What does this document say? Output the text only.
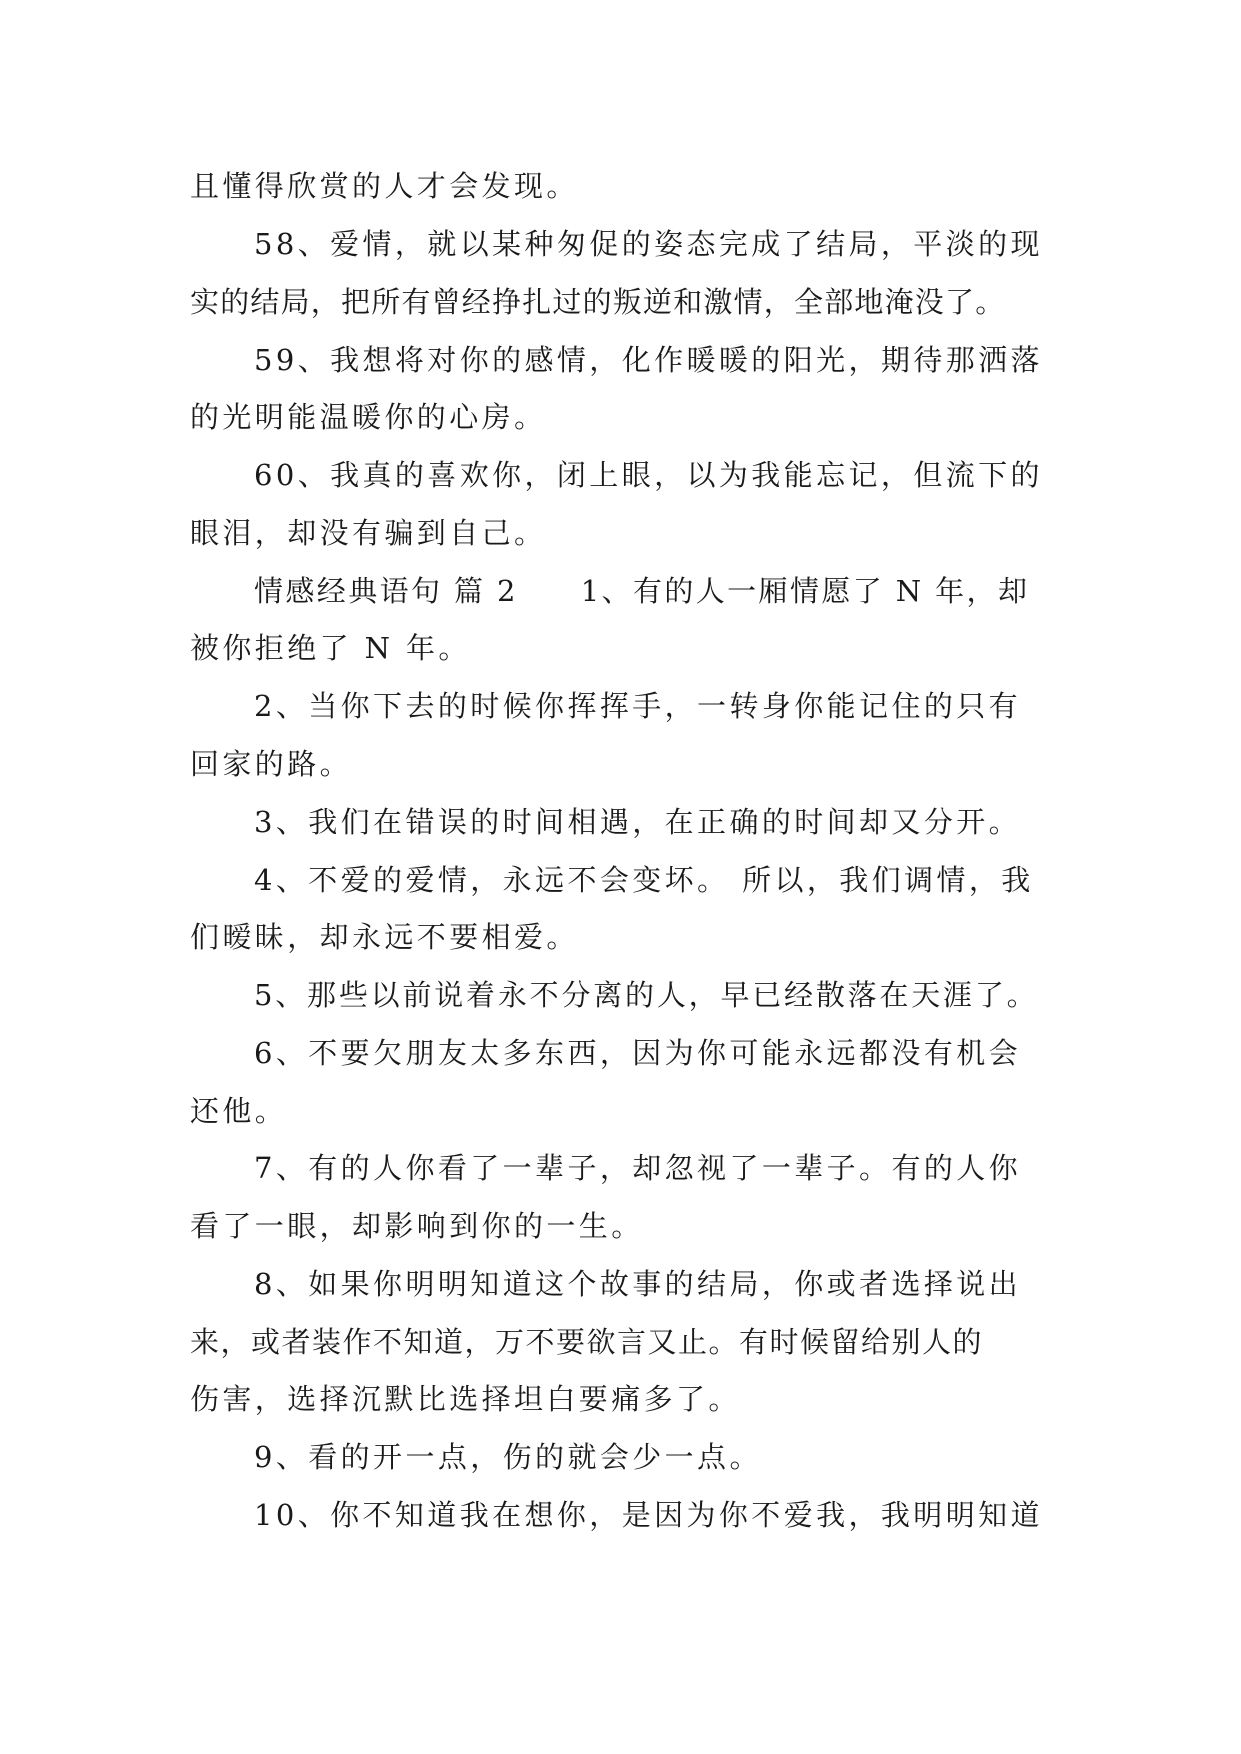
且懂得欣赏的人才会发现。
58、爱情，就以某种匆促的姿态完成了结局，平淡的现
实的结局，把所有曾经挣扎过的叛逆和激情，全部地淹没了。
59、我想将对你的感情，化作暖暖的阳光，期待那洒落
的光明能温暖你的心房。
60、我真的喜欢你，闭上眼，以为我能忘记，但流下的
眼泪，却没有骗到自己。
情感经典语句 篇 2　　1、有的人一厢情愿了 N 年，却
被你拒绝了 N 年。
2、当你下去的时候你挥挥手，一转身你能记住的只有
回家的路。
3、我们在错误的时间相遇，在正确的时间却又分开。
4、不爱的爱情，永远不会变坏。 所以，我们调情，我
们暧昧，却永远不要相爱。
5、那些以前说着永不分离的人，早已经散落在天涯了。
6、不要欠朋友太多东西，因为你可能永远都没有机会
还他。
7、有的人你看了一辈子，却忽视了一辈子。有的人你
看了一眼，却影响到你的一生。
8、如果你明明知道这个故事的结局，你或者选择说出
来，或者装作不知道，万不要欲言又止。有时候留给别人的
伤害，选择沉默比选择坦白要痛多了。
9、看的开一点，伤的就会少一点。
10、你不知道我在想你，是因为你不爱我，我明明知道
